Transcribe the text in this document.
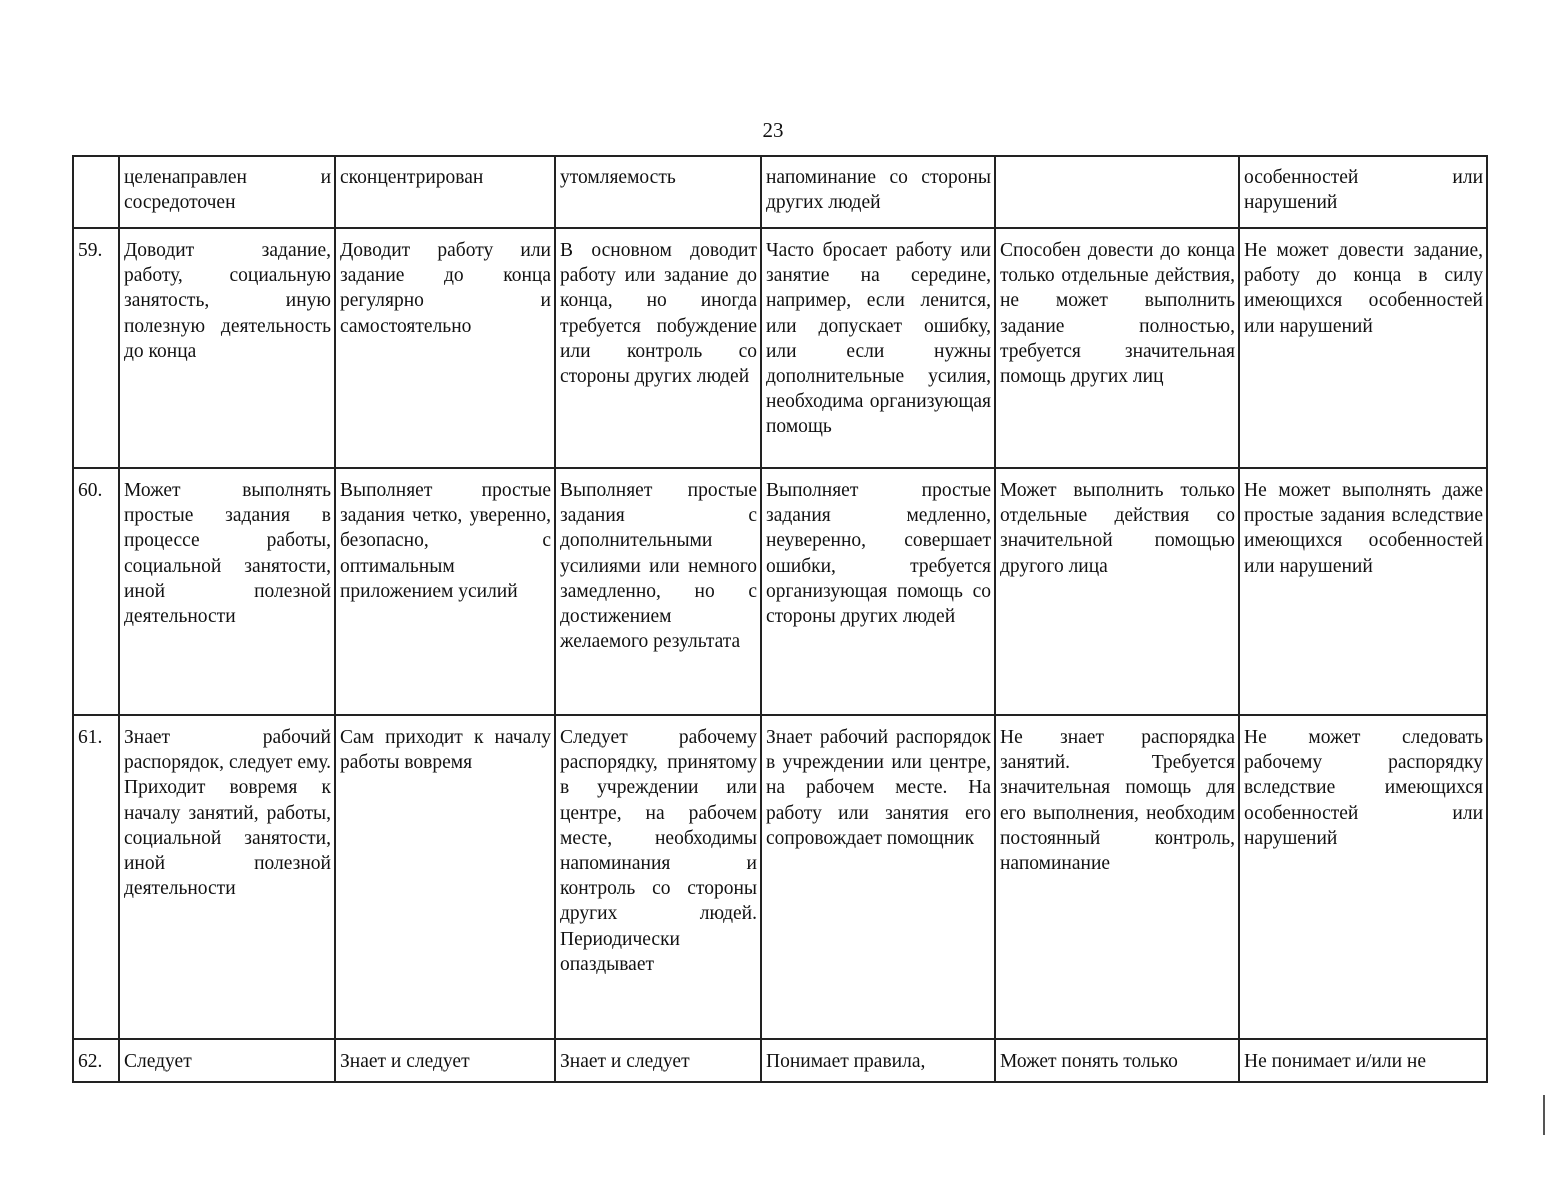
23
	целенаправлен и сосредоточен	сконцентрирован	утомляемость	напоминание со стороны других людей		особенностей или нарушений
59.	Доводит задание, работу, социальную занятость, иную полезную деятельность до конца	Доводит работу или задание до конца регулярно и самостоятельно	В основном доводит работу или задание до конца, но иногда требуется побуждение или контроль со стороны других людей	Часто бросает работу или занятие на середине, например, если ленится, или допускает ошибку, или если нужны дополнительные усилия, необходима организующая помощь	Способен довести до конца только отдельные действия, не может выполнить задание полностью, требуется значительная помощь других лиц	Не может довести задание, работу до конца в силу имеющихся особенностей или нарушений
60.	Может выполнять простые задания в процессе работы, социальной занятости, иной полезной деятельности	Выполняет простые задания четко, уверенно, безопасно, с оптимальным приложением усилий	Выполняет простые задания с дополнительными усилиями или немного замедленно, но с достижением желаемого результата	Выполняет простые задания медленно, неуверенно, совершает ошибки, требуется организующая помощь со стороны других людей	Может выполнить только отдельные действия со значительной помощью другого лица	Не может выполнять даже простые задания вследствие имеющихся особенностей или нарушений
61.	Знает рабочий распорядок, следует ему. Приходит вовремя к началу занятий, работы, социальной занятости, иной полезной деятельности	Сам приходит к началу работы вовремя	Следует рабочему распорядку, принятому в учреждении или центре, на рабочем месте, необходимы напоминания и контроль со стороны других людей. Периодически опаздывает	Знает рабочий распорядок в учреждении или центре, на рабочем месте. На работу или занятия его сопровождает помощник	Не знает распорядка занятий. Требуется значительная помощь для его выполнения, необходим постоянный контроль, напоминание	Не может следовать рабочему распорядку вследствие имеющихся особенностей или нарушений
62.	Следует	Знает и следует	Знает и следует	Понимает правила,	Может понять только	Не понимает и/или не
